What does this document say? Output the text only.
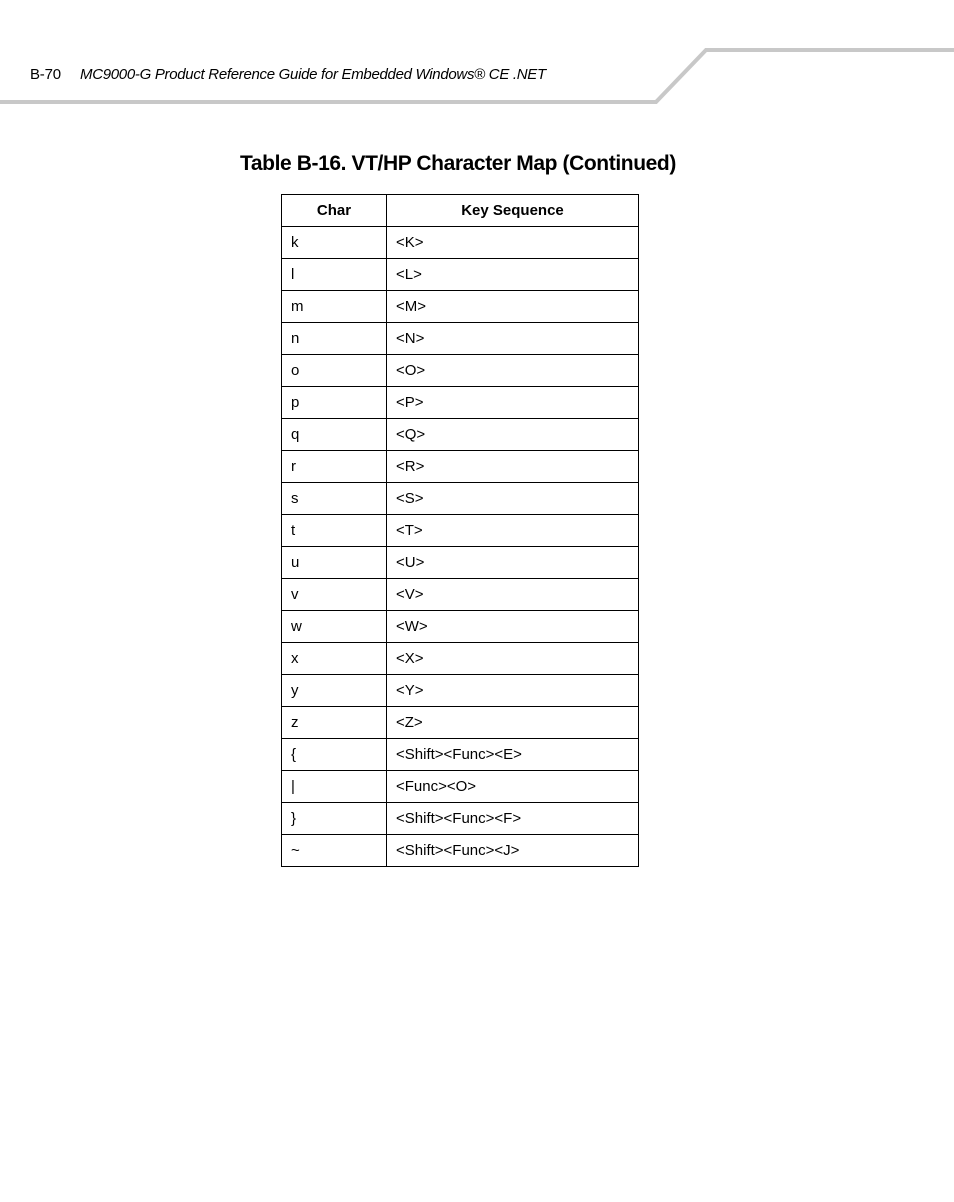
B-70 MC9000-G Product Reference Guide for Embedded Windows® CE .NET
Table B-16. VT/HP Character Map (Continued)
Char	Key Sequence
k	<K>
l	<L>
m	<M>
n	<N>
o	<O>
p	<P>
q	<Q>
r	<R>
s	<S>
t	<T>
u	<U>
v	<V>
w	<W>
x	<X>
y	<Y>
z	<Z>
{	<Shift><Func><E>
|	<Func><O>
}	<Shift><Func><F>
~	<Shift><Func><J>
